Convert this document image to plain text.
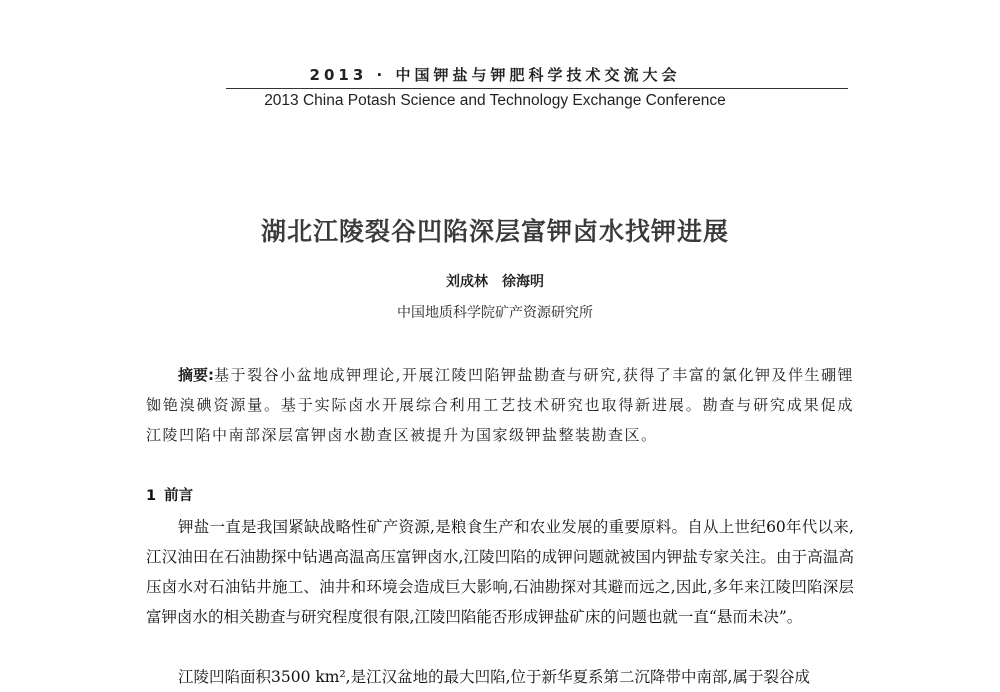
2013 · 中国钾盐与钾肥科学技术交流大会
2013 China Potash Science and Technology Exchange Conference
湖北江陵裂谷凹陷深层富钾卤水找钾进展
刘成林　徐海明
中国地质科学院矿产资源研究所
摘要:基于裂谷小盆地成钾理论,开展江陵凹陷钾盐勘查与研究,获得了丰富的氯化钾及伴生硼锂铷铯溴碘资源量。基于实际卤水开展综合利用工艺技术研究也取得新进展。勘查与研究成果促成江陵凹陷中南部深层富钾卤水勘查区被提升为国家级钾盐整装勘查区。
1 前言
钾盐一直是我国紧缺战略性矿产资源,是粮食生产和农业发展的重要原料。自从上世纪60年代以来,江汉油田在石油勘探中钻遇高温高压富钾卤水,江陵凹陷的成钾问题就被国内钾盐专家关注。由于高温高压卤水对石油钻井施工、油井和环境会造成巨大影响,石油勘探对其避而远之,因此,多年来江陵凹陷深层富钾卤水的相关勘查与研究程度很有限,江陵凹陷能否形成钾盐矿床的问题也就一直“悬而未决”。
江陵凹陷面积3500 km²,是江汉盆地的最大凹陷,位于新华夏系第二沉降带中南部,属于裂谷成
